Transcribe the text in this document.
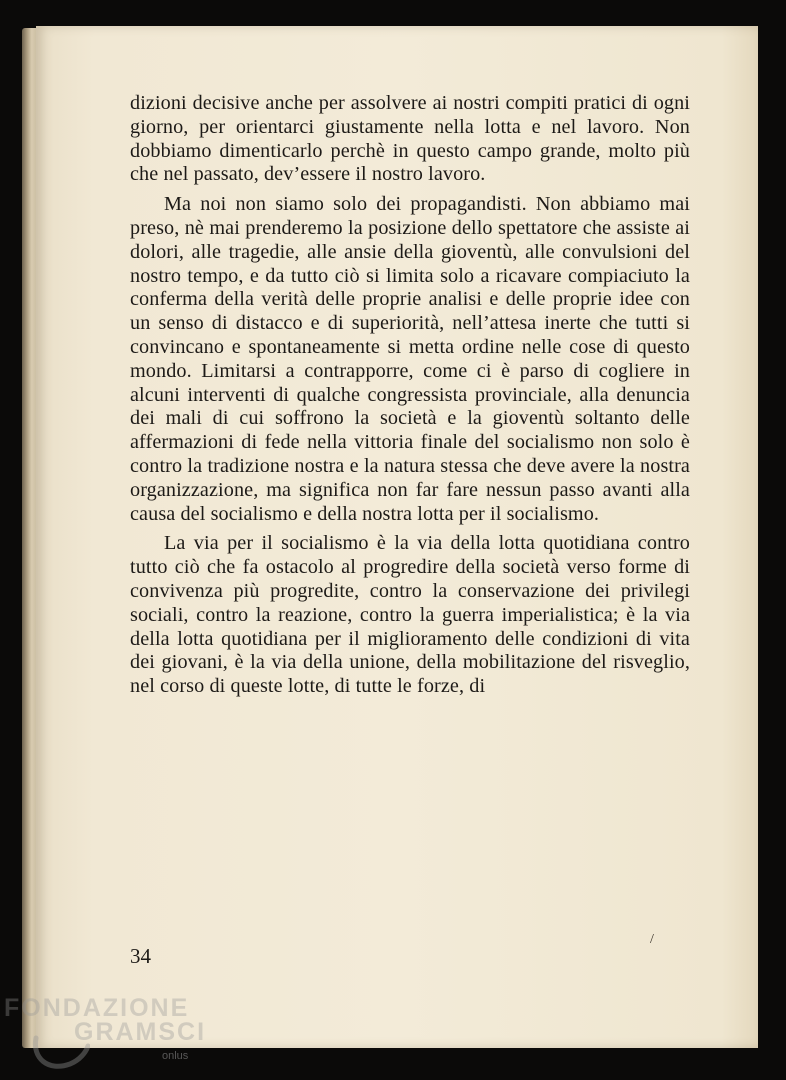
dizioni decisive anche per assolvere ai nostri compiti pratici di ogni giorno, per orientarci giustamente nella lotta e nel lavoro. Non dobbiamo dimenticarlo perchè in questo campo grande, molto più che nel passato, dev’essere il nostro lavoro.

Ma noi non siamo solo dei propagandisti. Non abbiamo mai preso, nè mai prenderemo la posizione dello spettatore che assiste ai dolori, alle tragedie, alle ansie della gioventù, alle convulsioni del nostro tempo, e da tutto ciò si limita solo a ricavare compiaciuto la conferma della verità delle proprie analisi e delle proprie idee con un senso di distacco e di superiorità, nell’attesa inerte che tutti si convincano e spontaneamente si metta ordine nelle cose di questo mondo. Limitarsi a contrapporre, come ci è parso di cogliere in alcuni interventi di qualche congressista provinciale, alla denuncia dei mali di cui soffrono la società e la gioventù soltanto delle affermazioni di fede nella vittoria finale del socialismo non solo è contro la tradizione nostra e la natura stessa che deve avere la nostra organizzazione, ma significa non far fare nessun passo avanti alla causa del socialismo e della nostra lotta per il socialismo.

La via per il socialismo è la via della lotta quotidiana contro tutto ciò che fa ostacolo al progredire della società verso forme di convivenza più progredite, contro la conservazione dei privilegi sociali, contro la reazione, contro la guerra imperialistica; è la via della lotta quotidiana per il miglioramento delle condizioni di vita dei giovani, è la via della unione, della mobilitazione del risveglio, nel corso di queste lotte, di tutte le forze, di

/
34
FONDAZIONE
GRAMSCI
onlus
